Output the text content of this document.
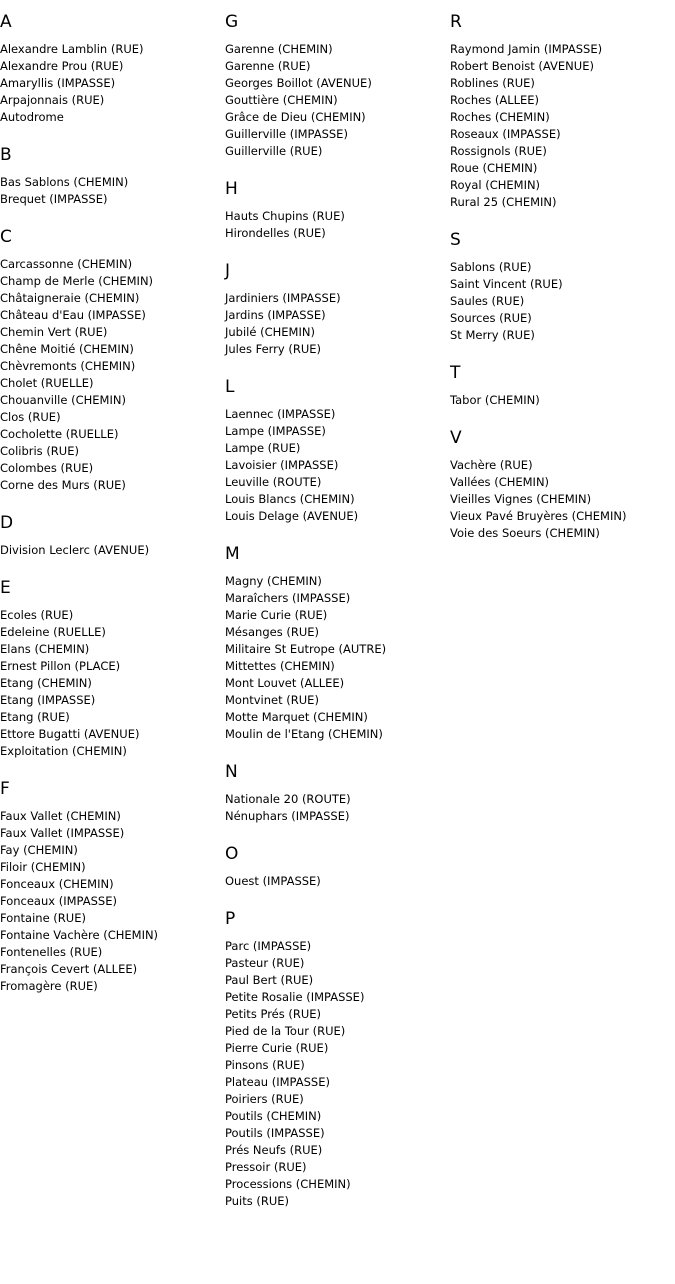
A
Alexandre Lamblin (RUE)
Alexandre Prou (RUE)
Amaryllis (IMPASSE)
Arpajonnais (RUE)
Autodrome
B
Bas Sablons (CHEMIN)
Brequet (IMPASSE)
C
Carcassonne (CHEMIN)
Champ de Merle (CHEMIN)
Châtaigneraie (CHEMIN)
Château d'Eau (IMPASSE)
Chemin Vert (RUE)
Chêne Moitié (CHEMIN)
Chèvremonts (CHEMIN)
Cholet (RUELLE)
Chouanville (CHEMIN)
Clos (RUE)
Cocholette (RUELLE)
Colibris (RUE)
Colombes (RUE)
Corne des Murs (RUE)
D
Division Leclerc (AVENUE)
E
Ecoles (RUE)
Edeleine (RUELLE)
Elans (CHEMIN)
Ernest Pillon (PLACE)
Etang (CHEMIN)
Etang (IMPASSE)
Etang (RUE)
Ettore Bugatti (AVENUE)
Exploitation (CHEMIN)
F
Faux Vallet (CHEMIN)
Faux Vallet (IMPASSE)
Fay (CHEMIN)
Filoir (CHEMIN)
Fonceaux (CHEMIN)
Fonceaux (IMPASSE)
Fontaine (RUE)
Fontaine Vachère (CHEMIN)
Fontenelles (RUE)
François Cevert (ALLEE)
Fromagère (RUE)
G
Garenne (CHEMIN)
Garenne (RUE)
Georges Boillot (AVENUE)
Gouttière (CHEMIN)
Grâce de Dieu (CHEMIN)
Guillerville (IMPASSE)
Guillerville (RUE)
H
Hauts Chupins (RUE)
Hirondelles (RUE)
J
Jardiniers (IMPASSE)
Jardins (IMPASSE)
Jubilé (CHEMIN)
Jules Ferry (RUE)
L
Laennec (IMPASSE)
Lampe (IMPASSE)
Lampe (RUE)
Lavoisier (IMPASSE)
Leuville (ROUTE)
Louis Blancs (CHEMIN)
Louis Delage (AVENUE)
M
Magny (CHEMIN)
Maraîchers (IMPASSE)
Marie Curie (RUE)
Mésanges (RUE)
Militaire St Eutrope (AUTRE)
Mittettes (CHEMIN)
Mont Louvet (ALLEE)
Montvinet (RUE)
Motte Marquet (CHEMIN)
Moulin de l'Etang (CHEMIN)
N
Nationale 20 (ROUTE)
Nénuphars (IMPASSE)
O
Ouest (IMPASSE)
P
Parc (IMPASSE)
Pasteur (RUE)
Paul Bert (RUE)
Petite Rosalie (IMPASSE)
Petits Prés (RUE)
Pied de la Tour (RUE)
Pierre Curie (RUE)
Pinsons (RUE)
Plateau (IMPASSE)
Poiriers (RUE)
Poutils (CHEMIN)
Poutils (IMPASSE)
Prés Neufs (RUE)
Pressoir (RUE)
Processions (CHEMIN)
Puits (RUE)
R
Raymond Jamin (IMPASSE)
Robert Benoist (AVENUE)
Roblines (RUE)
Roches (ALLEE)
Roches (CHEMIN)
Roseaux (IMPASSE)
Rossignols (RUE)
Roue (CHEMIN)
Royal (CHEMIN)
Rural 25 (CHEMIN)
S
Sablons (RUE)
Saint Vincent (RUE)
Saules (RUE)
Sources (RUE)
St Merry (RUE)
T
Tabor (CHEMIN)
V
Vachère (RUE)
Vallées (CHEMIN)
Vieilles Vignes (CHEMIN)
Vieux Pavé Bruyères (CHEMIN)
Voie des Soeurs (CHEMIN)
